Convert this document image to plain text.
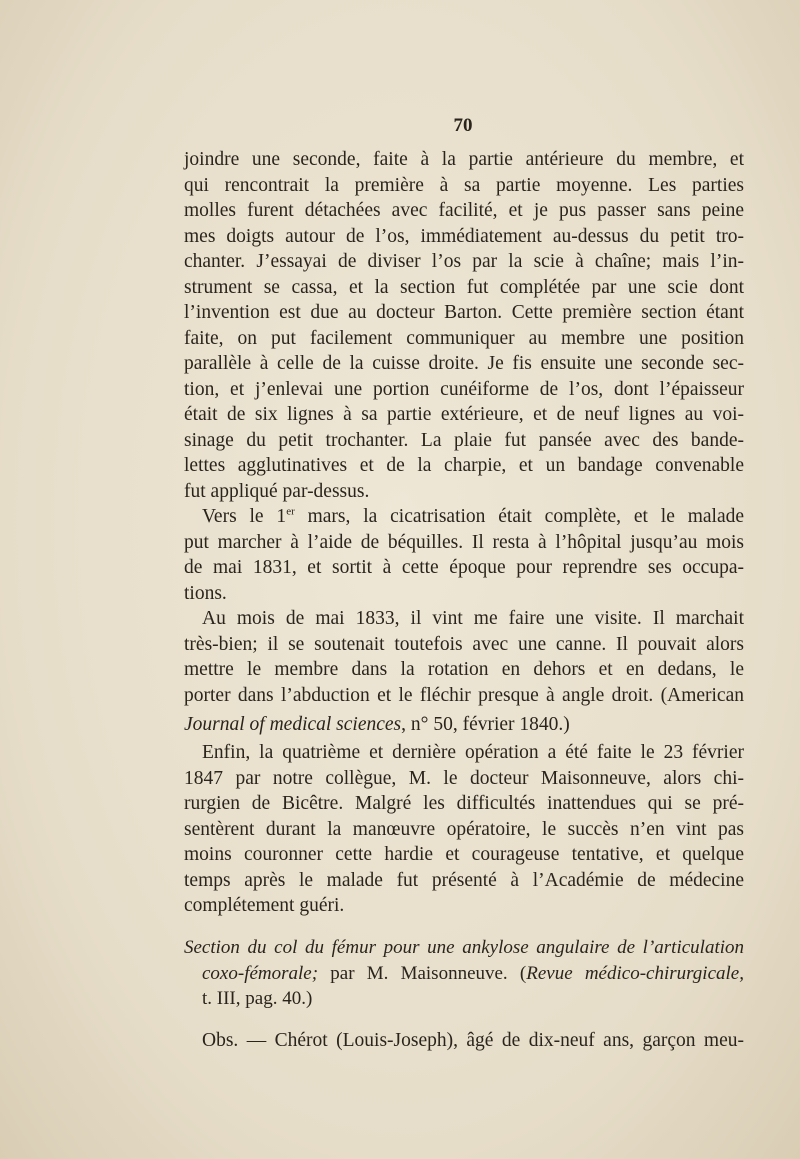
70
joindre une seconde, faite à la partie antérieure du membre, et
qui rencontrait la première à sa partie moyenne. Les parties
molles furent détachées avec facilité, et je pus passer sans peine
mes doigts autour de l’os, immédiatement au-dessus du petit tro-
chanter. J’essayai de diviser l’os par la scie à chaîne; mais l’in-
strument se cassa, et la section fut complétée par une scie dont
l’invention est due au docteur Barton. Cette première section étant
faite, on put facilement communiquer au membre une position
parallèle à celle de la cuisse droite. Je fis ensuite une seconde sec-
tion, et j’enlevai une portion cunéiforme de l’os, dont l’épaisseur
était de six lignes à sa partie extérieure, et de neuf lignes au voi-
sinage du petit trochanter. La plaie fut pansée avec des bande-
lettes agglutinatives et de la charpie, et un bandage convenable
fut appliqué par-dessus.
Vers le 1er mars, la cicatrisation était complète, et le malade
put marcher à l’aide de béquilles. Il resta à l’hôpital jusqu’au mois
de mai 1831, et sortit à cette époque pour reprendre ses occupa-
tions.
Au mois de mai 1833, il vint me faire une visite. Il marchait
très-bien; il se soutenait toutefois avec une canne. Il pouvait alors
mettre le membre dans la rotation en dehors et en dedans, le
porter dans l’abduction et le fléchir presque à angle droit. (American
Journal of medical sciences, n° 50, février 1840.)
Enfin, la quatrième et dernière opération a été faite le 23 février
1847 par notre collègue, M. le docteur Maisonneuve, alors chi-
rurgien de Bicêtre. Malgré les difficultés inattendues qui se pré-
sentèrent durant la manœuvre opératoire, le succès n’en vint pas
moins couronner cette hardie et courageuse tentative, et quelque
temps après le malade fut présenté à l’Académie de médecine
complétement guéri.
Section du col du fémur pour une ankylose angulaire de l’articulation
coxo-fémorale; par M. Maisonneuve. (Revue médico-chirurgicale,
t. III, pag. 40.)
Obs. — Chérot (Louis-Joseph), âgé de dix-neuf ans, garçon meu-
